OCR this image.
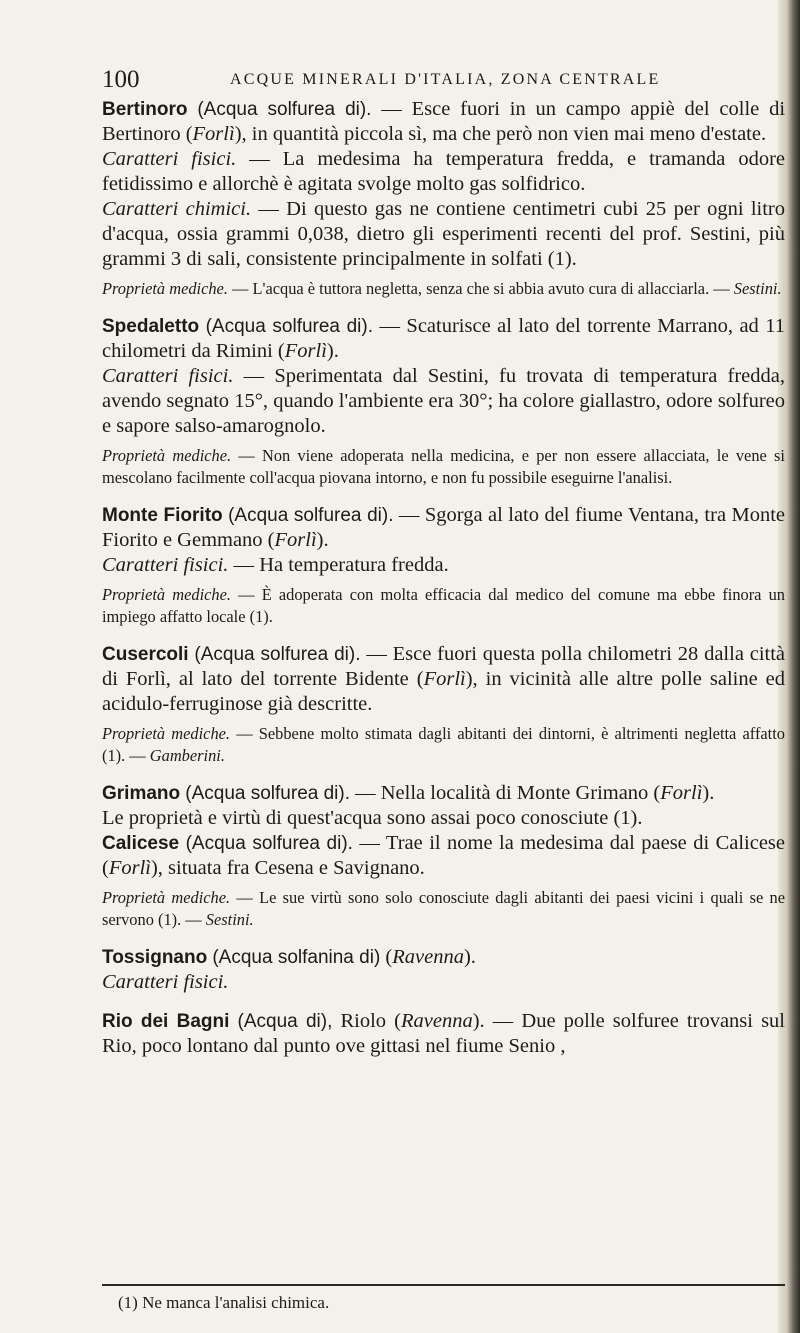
100	ACQUE MINERALI D'ITALIA, ZONA CENTRALE

Bertinoro (Acqua solfurea di). — Esce fuori in un campo appiè del colle di Bertinoro (Forlì), in quantità piccola sì, ma che però non vien mai meno d'estate.

Caratteri fisici. — La medesima ha temperatura fredda, e tramanda odore fetidissimo e allorchè è agitata svolge molto gas solfidrico.

Caratteri chimici. — Di questo gas ne contiene centimetri cubi 25 per ogni litro d'acqua, ossia grammi 0,038, dietro gli esperimenti recenti del prof. Sestini, più grammi 3 di sali, consistente principalmente in solfati (1).

Proprietà mediche. — L'acqua è tuttora negletta, senza che si abbia avuto cura di allacciarla. — Sestini.

Spedaletto (Acqua solfurea di). — Scaturisce al lato del torrente Marrano, ad 11 chilometri da Rimini (Forlì).

Caratteri fisici. — Sperimentata dal Sestini, fu trovata di temperatura fredda, avendo segnato 15°, quando l'ambiente era 30°; ha colore giallastro, odore solfureo e sapore salso-amarognolo.

Proprietà mediche. — Non viene adoperata nella medicina, e per non essere allacciata, le vene si mescolano facilmente coll'acqua piovana intorno, e non fu possibile eseguirne l'analisi.

Monte Fiorito (Acqua solfurea di). — Sgorga al lato del fiume Ventana, tra Monte Fiorito e Gemmano (Forlì).

Caratteri fisici. — Ha temperatura fredda.

Proprietà mediche. — È adoperata con molta efficacia dal medico del comune ma ebbe finora un impiego affatto locale (1).

Cusercoli (Acqua solfurea di). — Esce fuori questa polla chilometri 28 dalla città di Forlì, al lato del torrente Bidente (Forlì), in vicinità alle altre polle saline ed acidulo-ferruginose già descritte.

Proprietà mediche. — Sebbene molto stimata dagli abitanti dei dintorni, è altrimenti negletta affatto (1). — Gamberini.

Grimano (Acqua solfurea di). — Nella località di Monte Grimano (Forlì).

Le proprietà e virtù di quest'acqua sono assai poco conosciute (1).

Calicese (Acqua solfurea di). — Trae il nome la medesima dal paese di Calicese (Forlì), situata fra Cesena e Savignano.

Proprietà mediche. — Le sue virtù sono solo conosciute dagli abitanti dei paesi vicini i quali se ne servono (1). — Sestini.

Tossignano (Acqua solfanina di) (Ravenna).

Caratteri fisici.

Rio dei Bagni (Acqua di), Riolo (Ravenna). — Due polle solfuree trovansi sul Rio, poco lontano dal punto ove gittasi nel fiume Senio ,

(1) Ne manca l'analisi chimica.
